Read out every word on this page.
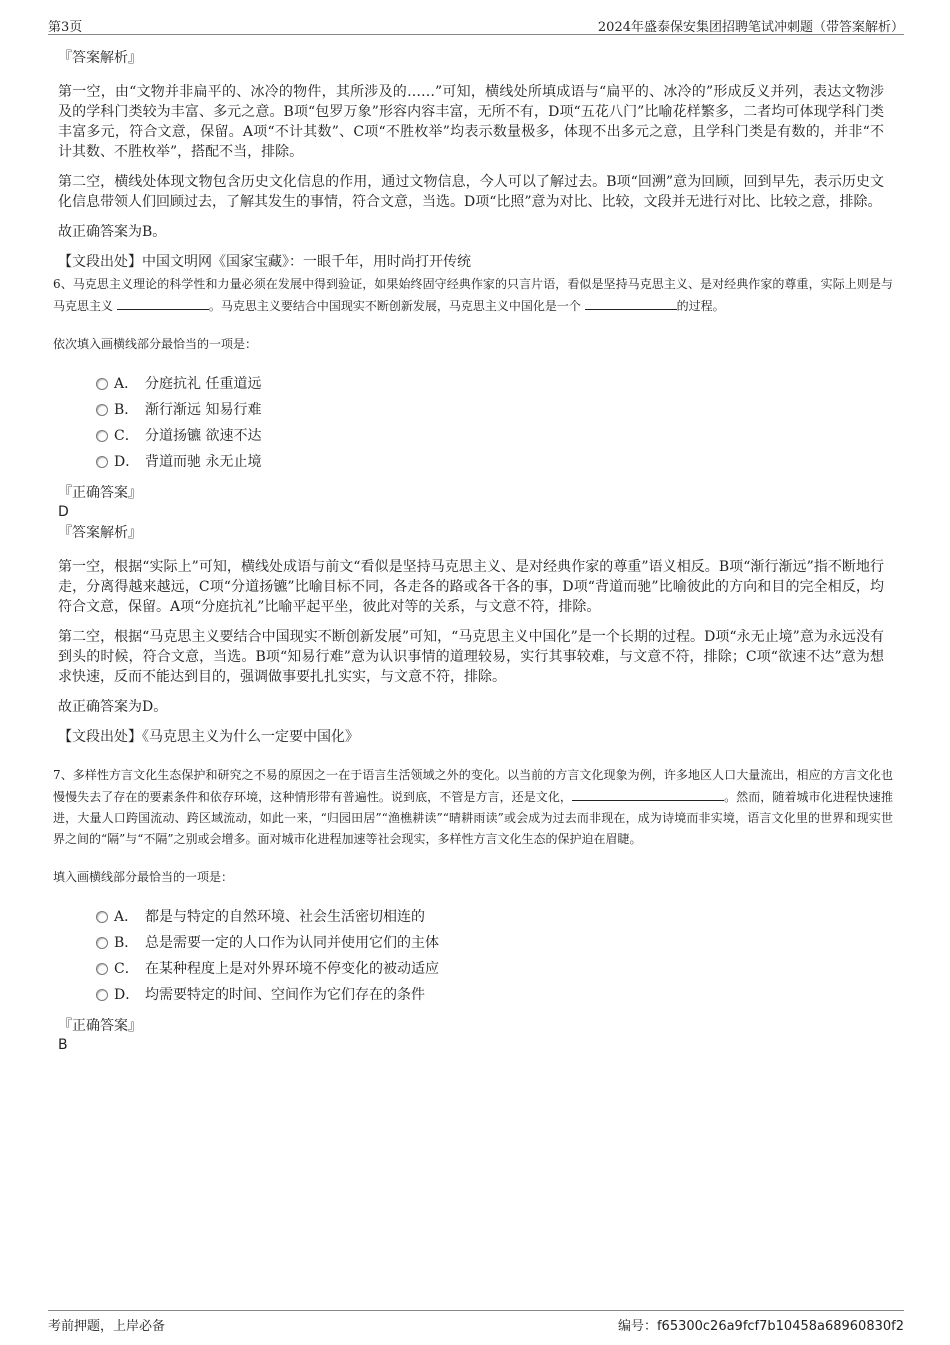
第3页	2024年盛泰保安集团招聘笔试冲刺题（带答案解析）
『答案解析』
第一空，由“文物并非扁平的、冰冷的物件，其所涉及的……”可知，横线处所填成语与“扁平的、冰冷的”形成反义并列，表达文物涉及的学科门类较为丰富、多元之意。B项“包罗万象”形容内容丰富，无所不有，D项“五花八门”比喻花样繁多，二者均可体现学科门类丰富多元，符合文意，保留。A项“不计其数”、C项“不胜枚举”均表示数量极多，体现不出多元之意，且学科门类是有数的，并非“不计其数、不胜枚举”，搭配不当，排除。
第二空，横线处体现文物包含历史文化信息的作用，通过文物信息，今人可以了解过去。B项“回溯”意为回顾，回到早先，表示历史文化信息带领人们回顾过去，了解其发生的事情，符合文意，当选。D项“比照”意为对比、比较，文段并无进行对比、比较之意，排除。
故正确答案为B。
【文段出处】中国文明网《国家宝藏》：一眼千年，用时尚打开传统
6、马克思主义理论的科学性和力量必须在发展中得到验证，如果始终固守经典作家的只言片语，看似是坚持马克思主义、是对经典作家的尊重，实际上则是与马克思主义	。马克思主义要结合中国现实不断创新发展，马克思主义中国化是一个	的过程。
依次填入画横线部分最恰当的一项是：
A． 分庭抗礼 任重道远
B． 渐行渐远 知易行难
C． 分道扬镳 欲速不达
D． 背道而驰 永无止境
『正确答案』
D
『答案解析』
第一空，根据“实际上”可知，横线处成语与前文“看似是坚持马克思主义、是对经典作家的尊重”语义相反。B项“渐行渐远”指不断地行走，分离得越来越远，C项“分道扬镳”比喻目标不同，各走各的路或各干各的事，D项“背道而驰”比喻彼此的方向和目的完全相反，均符合文意，保留。A项“分庭抗礼”比喻平起平坐，彼此对等的关系，与文意不符，排除。
第二空，根据“马克思主义要结合中国现实不断创新发展”可知，“马克思主义中国化”是一个长期的过程。D项“永无止境”意为永远没有到头的时候，符合文意，当选。B项“知易行难”意为认识事情的道理较易，实行其事较难，与文意不符，排除；C项“欲速不达”意为想求快速，反而不能达到目的，强调做事要扎扎实实，与文意不符，排除。
故正确答案为D。
【文段出处】《马克思主义为什么一定要中国化》
7、多样性方言文化生态保护和研究之不易的原因之一在于语言生活领域之外的变化。以当前的方言文化现象为例，许多地区人口大量流出，相应的方言文化也慢慢失去了存在的要素条件和依存环境，这种情形带有普遍性。说到底，不管是方言，还是文化，	。然而，随着城市化进程快速推进，大量人口跨国流动、跨区域流动，如此一来，“归园田居”“渔樵耕读”“晴耕雨读”或会成为过去而非现在，成为诗境而非实境，语言文化里的世界和现实世界之间的“隔”与“不隔”之别或会增多。面对城市化进程加速等社会现实，多样性方言文化生态的保护迫在眉睫。
填入画横线部分最恰当的一项是：
A． 都是与特定的自然环境、社会生活密切相连的
B． 总是需要一定的人口作为认同并使用它们的主体
C． 在某种程度上是对外界环境不停变化的被动适应
D． 均需要特定的时间、空间作为它们存在的条件
『正确答案』
B
考前押题，上岸必备	编号：f65300c26a9fcf7b10458a68960830f2
